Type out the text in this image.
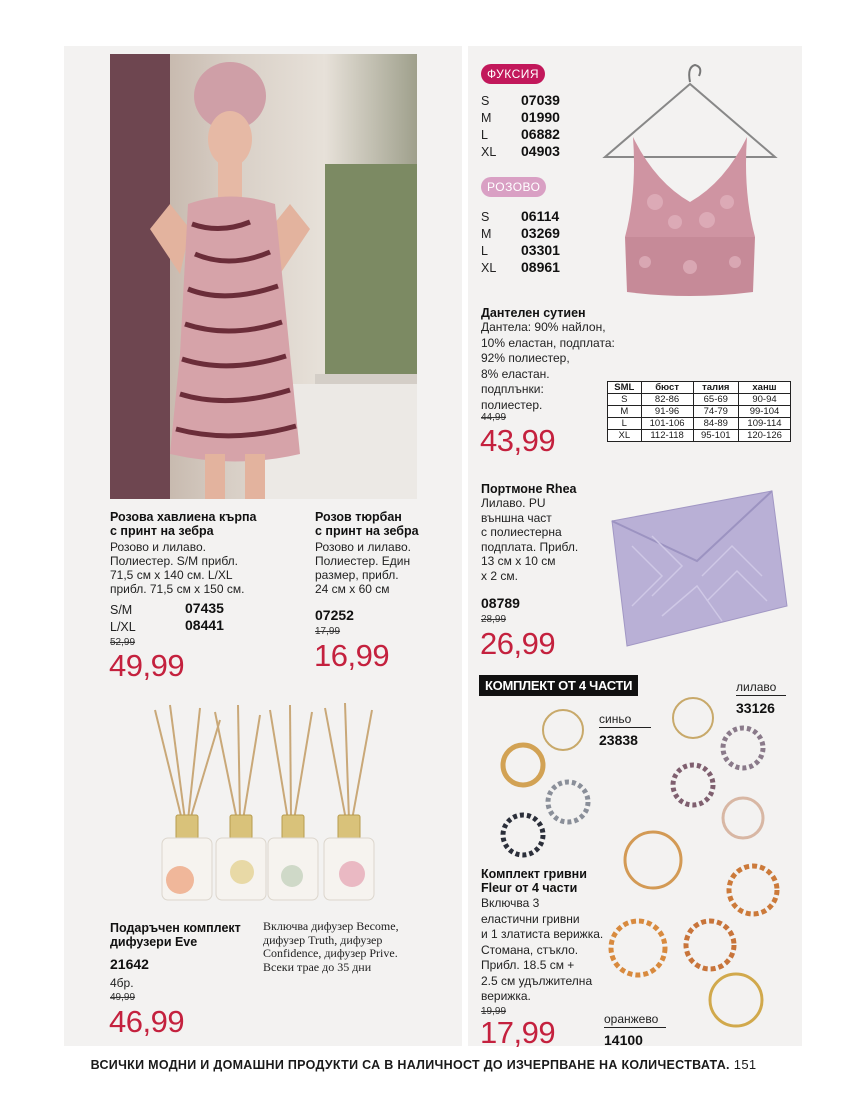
Розова хавлиена кърпа
с принт на зебра
Розово и лилаво.
Полиестер. S/M прибл.
71,5 см х 140 см. L/XL
прибл. 71,5 см х 150 см.
S/M	07435
L/XL	08441
52,99
49,99
Розов тюрбан
с принт на зебра
Розово и лилаво.
Полиестер. Един
размер, прибл.
24 см х 60 см
07252
17,99
16,99
Подаръчен комплект
дифузери Eve
21642
4бр.
49,99
46,99
Включва дифузер Become,
дифузер Truth, дифузер
Confidence, дифузер Prive.
Всеки трае до 35 дни
ФУКСИЯ
S 07039
M 01990
L 06882
XL 04903
РОЗОВО
S 06114
M 03269
L 03301
XL 08961
Дантелен сутиен
Дантела: 90% найлон,
10% еластан, подплата:
92% полиестер,
8% еластан.
подплънки:
полиестер.
44,99
43,99
SML	бюст	талия	ханш
S	82-86	65-69	90-94
M	91-96	74-79	99-104
L	101-106	84-89	109-114
XL	112-118	95-101	120-126
Портмоне Rhea
Лилаво. PU
външна част
с полиестерна
подплата. Прибл.
13 см х 10 см
х 2 см.
08789
28,99
26,99
КОМПЛЕКТ ОТ 4 ЧАСТИ
синьо
23838
лилаво
33126
Комплект гривни
Fleur от 4 части
Включва 3
еластични гривни
и 1 златиста верижка.
Стомана, стъкло.
Прибл. 18.5 см +
2.5 см удължителна
верижка.
19,99
17,99	оранжево
14100
ВСИЧКИ МОДНИ И ДОМАШНИ ПРОДУКТИ СА В НАЛИЧНОСТ ДО ИЗЧЕРПВАНЕ НА КОЛИЧЕСТВАТА. 151
